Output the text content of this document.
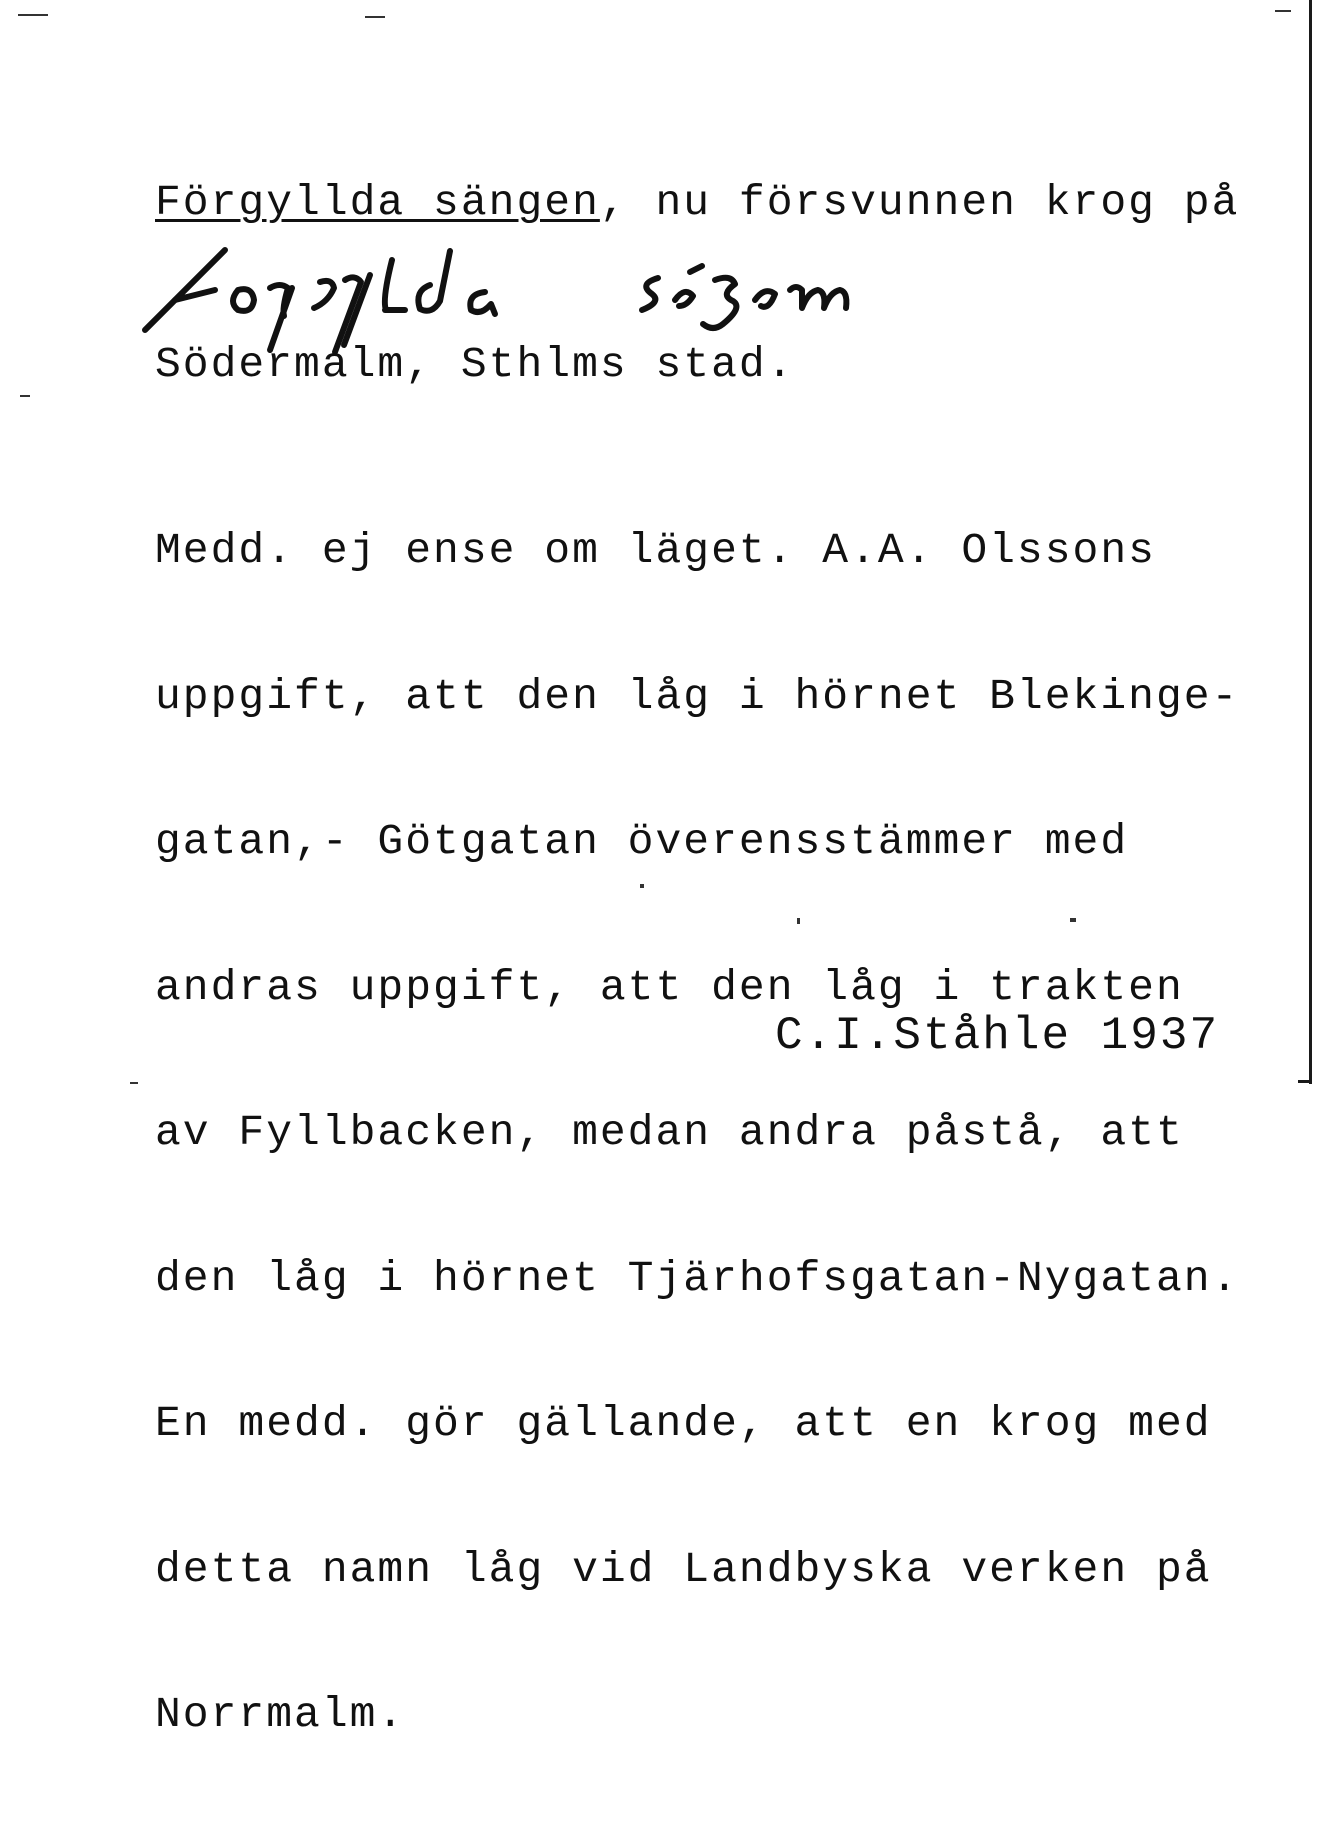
Förgyllda sängen, nu försvunnen krog på

Södermalm, Sthlms stad.

Medd. ej ense om läget. A.A. Olssons

uppgift, att den låg i hörnet Blekinge-

gatan,- Götgatan överensstämmer med

andras uppgift, att den låg i trakten

av Fyllbacken, medan andra påstå, att

den låg i hörnet Tjärhofsgatan-Nygatan.

En medd. gör gällande, att en krog med

detta namn låg vid Landbyska verken på

Norrmalm.

C.I.Ståhle 1937
